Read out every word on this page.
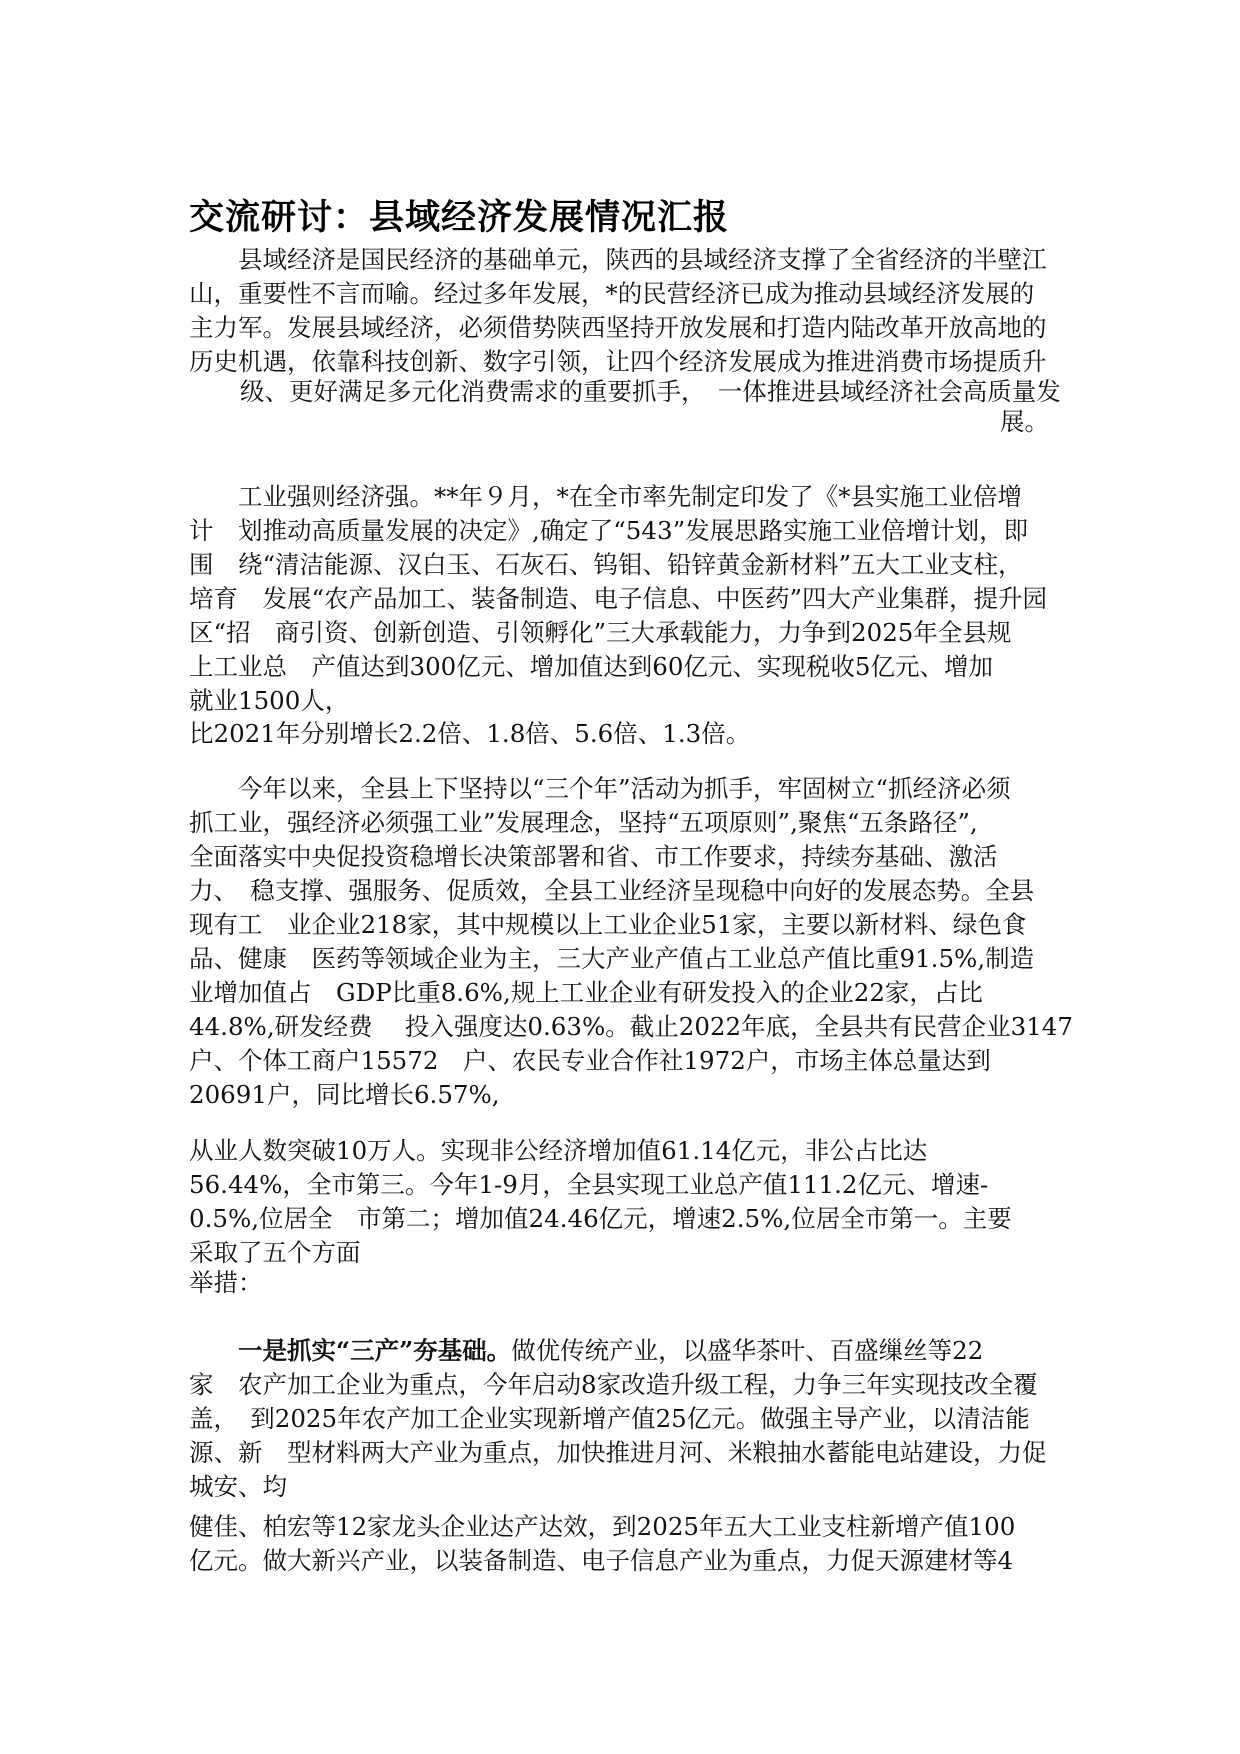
交流研讨：县域经济发展情况汇报

县域经济是国民经济的基础单元，陕西的县域经济支撑了全省经济的半壁江

山，重要性不言而喻。经过多年发展，*的民营经济已成为推动县域经济发展的

主力军。发展县域经济，必须借势陕西坚持开放发展和打造内陆改革开放高地的

历史机遇，依靠科技创新、数字引领，让四个经济发展成为推进消费市场提质升

级、更好满足多元化消费需求的重要抓手，　一体推进县域经济社会高质量发

展。

工业强则经济强。**年９月，*在全市率先制定印发了《*县实施工业倍增

计　划推动高质量发展的决定》,确定了“543”发展思路实施工业倍增计划，即

围　绕“清洁能源、汉白玉、石灰石、钨钼、铅锌黄金新材料”五大工业支柱，

培育　发展“农产品加工、装备制造、电子信息、中医药”四大产业集群，提升园

区“招　商引资、创新创造、引领孵化”三大承载能力，力争到2025年全县规

上工业总　产值达到300亿元、增加值达到60亿元、实现税收5亿元、增加

就业1500人，

比2021年分别增长2.2倍、1.8倍、5.6倍、1.3倍。

今年以来，全县上下坚持以“三个年”活动为抓手，牢固树立“抓经济必须

抓工业，强经济必须强工业”发展理念，坚持“五项原则”,聚焦“五条路径”,

全面落实中央促投资稳增长决策部署和省、市工作要求，持续夯基础、激活

力、　稳支撑、强服务、促质效，全县工业经济呈现稳中向好的发展态势。全县

现有工　业企业218家，其中规模以上工业企业51家，主要以新材料、绿色食

品、健康　医药等领域企业为主，三大产业产值占工业总产值比重91.5%,制造

业增加值占　GDP比重8.6%,规上工业企业有研发投入的企业22家，占比

44.8%,研发经费　 投入强度达0.63%。截止2022年底，全县共有民营企业3147

户、个体工商户15572　户、农民专业合作社1972户，市场主体总量达到

20691户，同比增长6.57%,

从业人数突破10万人。实现非公经济增加值61.14亿元，非公占比达

56.44%，全市第三。今年1-9月，全县实现工业总产值111.2亿元、增速-

0.5%,位居全　市第二；增加值24.46亿元，增速2.5%,位居全市第一。主要

采取了五个方面

举措：

一是抓实“三产”夯基础。做优传统产业，以盛华茶叶、百盛缫丝等22

家　农产加工企业为重点，今年启动8家改造升级工程，力争三年实现技改全覆

盖，　到2025年农产加工企业实现新增产值25亿元。做强主导产业，以清洁能

源、新　型材料两大产业为重点，加快推进月河、米粮抽水蓄能电站建设，力促

城安、均

健佳、柏宏等12家龙头企业达产达效，到2025年五大工业支柱新增产值100

亿元。做大新兴产业，以装备制造、电子信息产业为重点，力促天源建材等4
